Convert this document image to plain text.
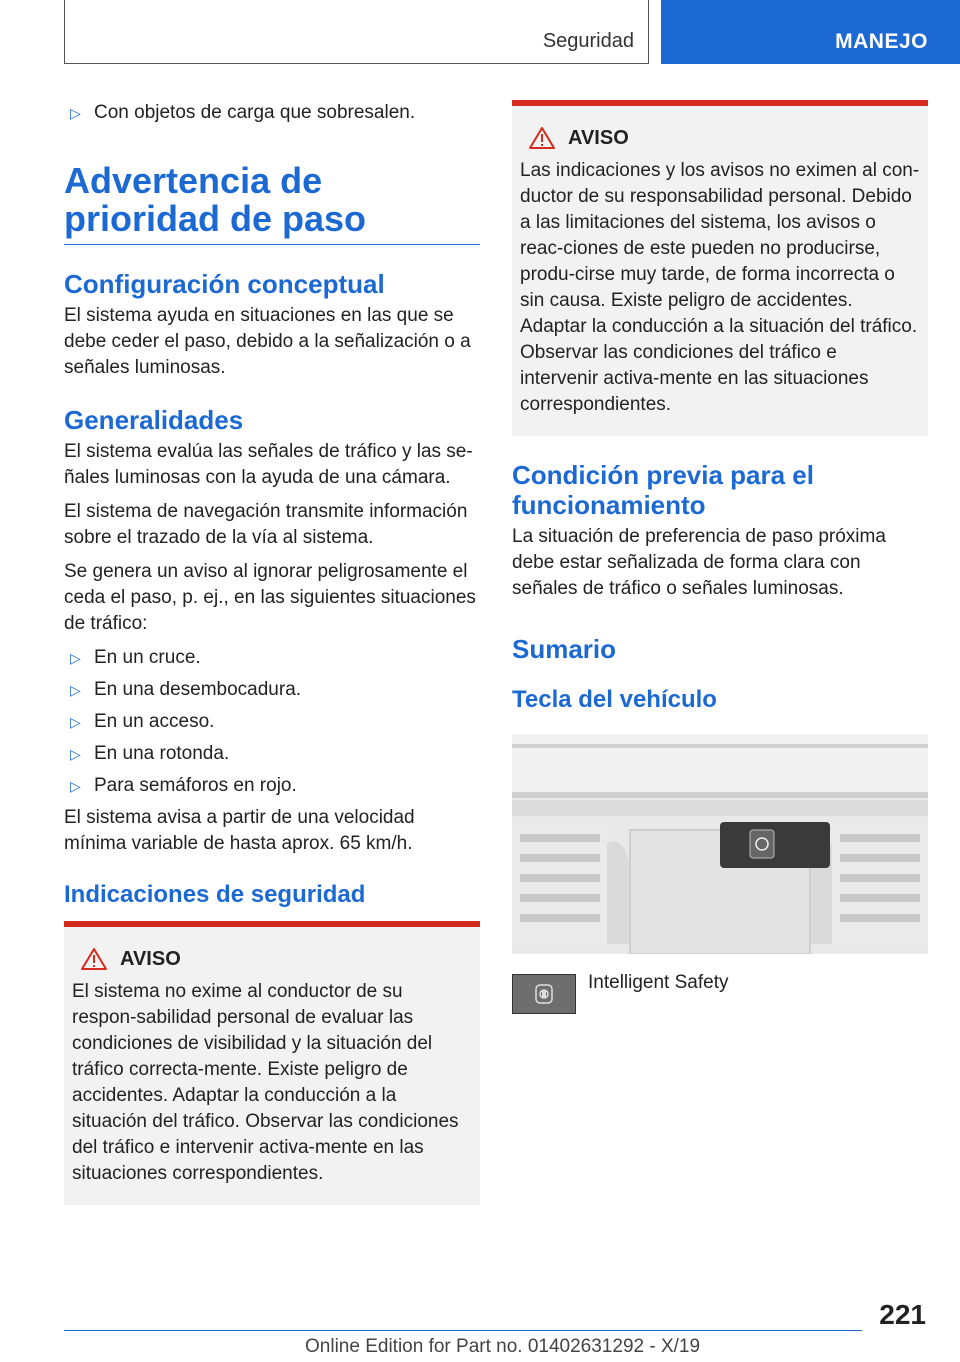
Seguridad	MANEJO
▷ Con objetos de carga que sobresalen.
Advertencia de prioridad de paso
Configuración conceptual

El sistema ayuda en situaciones en las que se debe ceder el paso, debido a la señalización o a señales luminosas.

Generalidades

El sistema evalúa las señales de tráfico y las se-ñales luminosas con la ayuda de una cámara.

El sistema de navegación transmite información sobre el trazado de la vía al sistema.

Se genera un aviso al ignorar peligrosamente el ceda el paso, p. ej., en las siguientes situaciones de tráfico:

▷ En un cruce.
▷ En una desembocadura.
▷ En un acceso.
▷ En una rotonda.
▷ Para semáforos en rojo.

El sistema avisa a partir de una velocidad mínima variable de hasta aprox. 65 km/h.

Indicaciones de seguridad
AVISO

El sistema no exime al conductor de su respon-sabilidad personal de evaluar las condiciones de visibilidad y la situación del tráfico correcta-mente. Existe peligro de accidentes. Adaptar la conducción a la situación del tráfico. Observar las condiciones del tráfico e intervenir activa-mente en las situaciones correspondientes.

AVISO

Las indicaciones y los avisos no eximen al con-ductor de su responsabilidad personal. Debido a las limitaciones del sistema, los avisos o reac-ciones de este pueden no producirse, produ-cirse muy tarde, de forma incorrecta o sin causa. Existe peligro de accidentes. Adaptar la conducción a la situación del tráfico. Observar las condiciones del tráfico e intervenir activa-mente en las situaciones correspondientes.

Condición previa para el funcionamiento

La situación de preferencia de paso próxima debe estar señalizada de forma clara con señales de tráfico o señales luminosas.

Sumario
Tecla del vehículo
Intelligent Safety
221
Online Edition for Part no. 01402631292 - X/19
